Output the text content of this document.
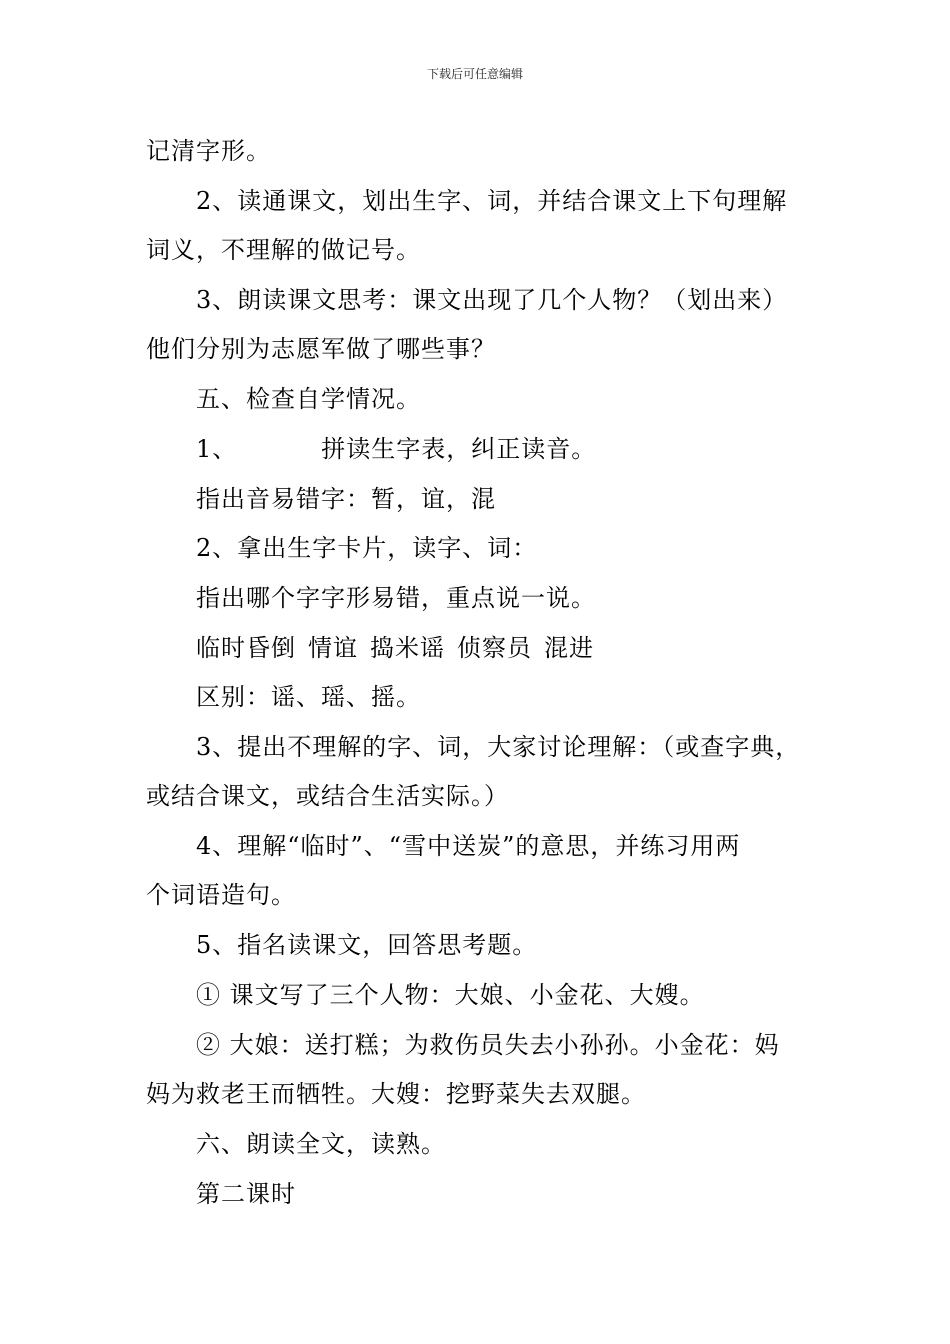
下载后可任意编辑
记清字形。
2、读通课文，划出生字、词，并结合课文上下句理解
词义，不理解的做记号。
3、朗读课文思考：课文出现了几个人物？（划出来）
他们分别为志愿军做了哪些事？
五、检查自学情况。
1、	拼读生字表，纠正读音。
指出音易错字：暂，谊，混
2、拿出生字卡片，读字、词：
指出哪个字字形易错，重点说一说。
临时昏倒 情谊 捣米谣 侦察员 混进
区别：谣、瑶、摇。
3、提出不理解的字、词，大家讨论理解：（或查字典，
或结合课文，或结合生活实际。）
4、理解“临时”、“雪中送炭”的意思，并练习用两
个词语造句。
5、指名读课文，回答思考题。
① 课文写了三个人物：大娘、小金花、大嫂。
② 大娘：送打糕；为救伤员失去小孙孙。小金花：妈
妈为救老王而牺牲。大嫂：挖野菜失去双腿。
六、朗读全文，读熟。
第二课时
